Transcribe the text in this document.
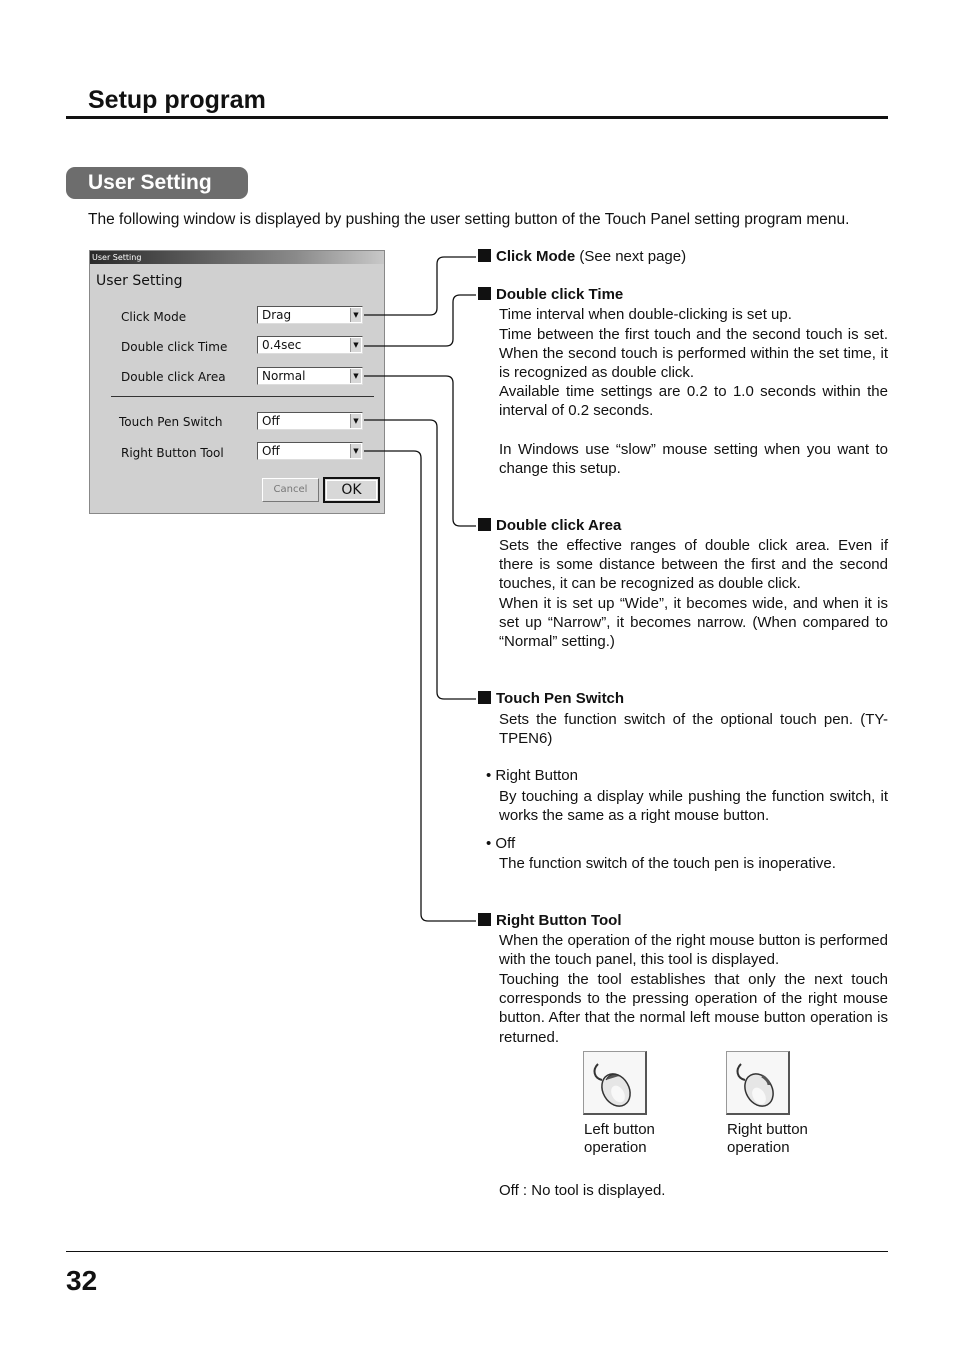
Setup program
User Setting
The following window is displayed by pushing the user setting button of the Touch Panel setting program menu.
User Setting
User Setting
Click Mode	Drag	▼
Double click Time	0.4sec	▼
Double click Area	Normal	▼
Touch Pen Switch	Off	▼
Right Button Tool	Off	▼
Cancel	OK
Click Mode (See next page)
Double click Time
Time interval when double-clicking is set up.
Time between the first touch and the second touch is set. When the second touch is performed within the set time, it is recognized as double click.
Available time settings are 0.2 to 1.0 seconds within the interval of 0.2 seconds.
In Windows use “slow” mouse setting when you want to change this setup.
Double click Area
Sets the effective ranges of double click area. Even if there is some distance between the first and the second touches, it can be recognized as double click.
When it is set up “Wide”, it becomes wide, and when it is set up “Narrow”, it becomes narrow. (When compared to “Normal” setting.)
Touch Pen Switch
Sets the function switch of the optional touch pen. (TY-TPEN6)
• Right Button
By touching a display while pushing the function switch, it works the same as a right mouse button.
• Off
The function switch of the touch pen is inoperative.
Right Button Tool
When the operation of the right mouse button is performed with the touch panel, this tool is displayed.
Touching the tool establishes that only the next touch corresponds to the pressing operation of the right mouse button. After that the normal left mouse button operation is returned.
Left button
operation
Right button
operation
Off : No tool is displayed.
32
